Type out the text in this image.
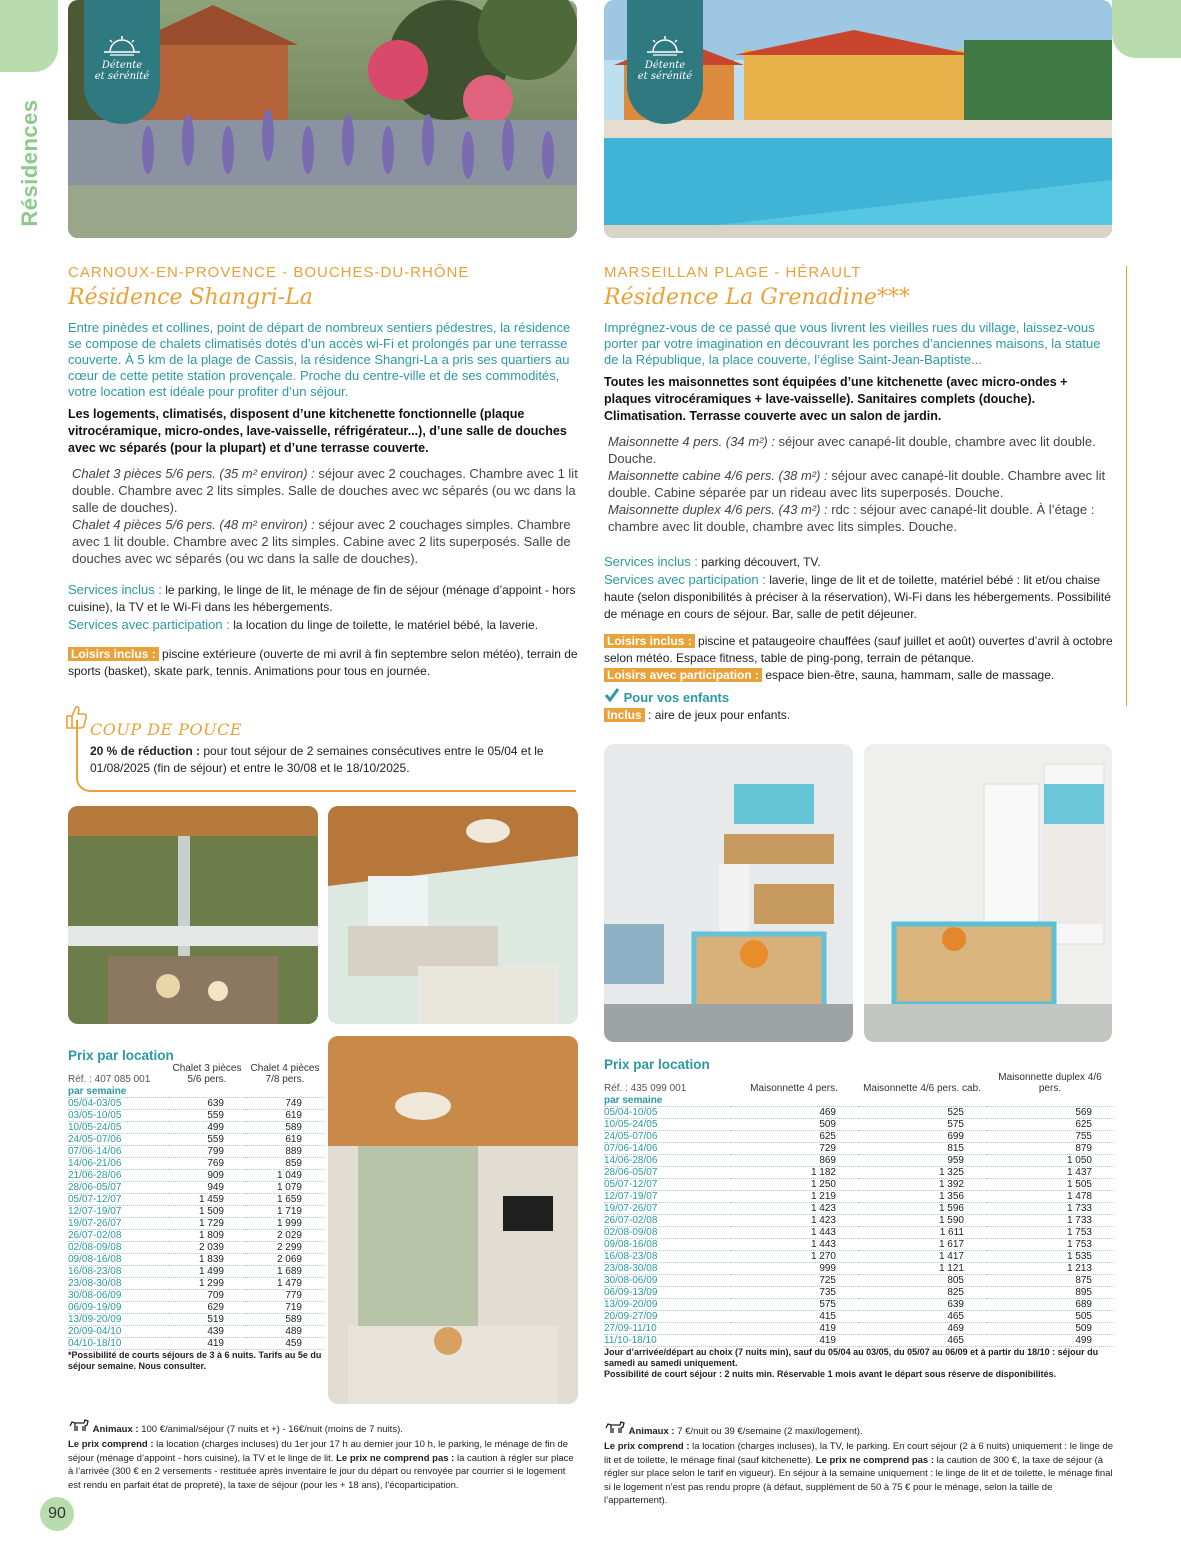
Résidences
Détente
et sérénité
Détente
et sérénité
CARNOUX-EN-PROVENCE - BOUCHES-DU-RHÔNE
Résidence Shangri-La
Entre pinèdes et collines, point de départ de nombreux sentiers pédestres, la résidence se compose de chalets climatisés dotés d’un accès wi-Fi et prolongés par une terrasse couverte. À 5 km de la plage de Cassis, la résidence Shangri-La a pris ses quartiers au cœur de cette petite station provençale. Proche du centre-ville et de ses commodités, votre location est idéale pour profiter d’un séjour.
Les logements, climatisés, disposent d’une kitchenette fonctionnelle (plaque vitrocéramique, micro-ondes, lave-vaisselle, réfrigérateur...), d’une salle de douches avec wc séparés (pour la plupart) et d’une terrasse couverte.
Chalet 3 pièces 5/6 pers. (35 m² environ) : séjour avec 2 couchages. Chambre avec 1 lit double. Chambre avec 2 lits simples. Salle de douches avec wc séparés (ou wc dans la salle de douches).
Chalet 4 pièces 5/6 pers. (48 m² environ) : séjour avec 2 couchages simples. Chambre avec 1 lit double. Chambre avec 2 lits simples. Cabine avec 2 lits superposés. Salle de douches avec wc séparés (ou wc dans la salle de douches).
Services inclus : le parking, le linge de lit, le ménage de fin de séjour (ménage d’appoint - hors cuisine), la TV et le Wi-Fi dans les hébergements.
Services avec participation : la location du linge de toilette, le matériel bébé, la laverie.
Loisirs inclus : piscine extérieure (ouverte de mi avril à fin septembre selon météo), terrain de sports (basket), skate park, tennis. Animations pour tous en journée.
COUP DE POUCE
20 % de réduction : pour tout séjour de 2 semaines consécutives entre le 05/04 et le 01/08/2025 (fin de séjour) et entre le 30/08 et le 18/10/2025.
Prix par location
Réf. : 407 085 001	Chalet 3 pièces 5/6 pers.	Chalet 4 pièces 7/8 pers.
par semaine		
05/04-03/05	639	749
03/05-10/05	559	619
10/05-24/05	499	589
24/05-07/06	559	619
07/06-14/06	799	889
14/06-21/06	769	859
21/06-28/06	909	1 049
28/06-05/07	949	1 079
05/07-12/07	1 459	1 659
12/07-19/07	1 509	1 719
19/07-26/07	1 729	1 999
26/07-02/08	1 809	2 029
02/08-09/08	2 039	2 299
09/08-16/08	1 839	2 069
16/08-23/08	1 499	1 689
23/08-30/08	1 299	1 479
30/08-06/09	709	779
06/09-19/09	629	719
13/09-20/09	519	589
20/09-04/10	439	489
04/10-18/10	419	459
*Possibilité de courts séjours de 3 à 6 nuits. Tarifs au 5e du séjour semaine. Nous consulter.
Animaux : 100 €/animal/séjour (7 nuits et +) - 16€/nuit (moins de 7 nuits).
Le prix comprend : la location (charges incluses) du 1er jour 17 h au dernier jour 10 h, le parking, le ménage de fin de séjour (ménage d’appoint - hors cuisine), la TV et le linge de lit. Le prix ne comprend pas : la caution à régler sur place à l’arrivée (300 € en 2 versements - restituée après inventaire le jour du départ ou renvoyée par courrier si le logement est rendu en parfait état de propreté), la taxe de séjour (pour les + 18 ans), l’écoparticipation.
MARSEILLAN PLAGE - HÉRAULT
Résidence La Grenadine***
Imprégnez-vous de ce passé que vous livrent les vieilles rues du village, laissez-vous porter par votre imagination en découvrant les porches d’anciennes maisons, la statue de la République, la place couverte, l’église Saint-Jean-Baptiste...
Toutes les maisonnettes sont équipées d’une kitchenette (avec micro-ondes + plaques vitrocéramiques + lave-vaisselle). Sanitaires complets (douche). Climatisation. Terrasse couverte avec un salon de jardin.
Maisonnette 4 pers. (34 m²) : séjour avec canapé-lit double, chambre avec lit double. Douche.
Maisonnette cabine 4/6 pers. (38 m²) : séjour avec canapé-lit double. Chambre avec lit double. Cabine séparée par un rideau avec lits superposés. Douche.
Maisonnette duplex 4/6 pers. (43 m²) : rdc : séjour avec canapé-lit double. À l’étage : chambre avec lit double, chambre avec lits simples. Douche.
Services inclus : parking découvert, TV.
Services avec participation : laverie, linge de lit et de toilette, matériel bébé : lit et/ou chaise haute (selon disponibilités à préciser à la réservation), Wi-Fi dans les hébergements. Possibilité de ménage en cours de séjour. Bar, salle de petit déjeuner.
Loisirs inclus : piscine et pataugeoire chauffées (sauf juillet et août) ouvertes d’avril à octobre selon météo. Espace fitness, table de ping-pong, terrain de pétanque.
Loisirs avec participation : espace bien-être, sauna, hammam, salle de massage.
Pour vos enfants
Inclus : aire de jeux pour enfants.
Prix par location
Réf. : 435 099 001	Maisonnette 4 pers.	Maisonnette 4/6 pers. cab.	Maisonnette duplex 4/6 pers.
par semaine			
05/04-10/05	469	525	569
10/05-24/05	509	575	625
24/05-07/06	625	699	755
07/06-14/06	729	815	879
14/06-28/06	869	959	1 050
28/06-05/07	1 182	1 325	1 437
05/07-12/07	1 250	1 392	1 505
12/07-19/07	1 219	1 356	1 478
19/07-26/07	1 423	1 596	1 733
26/07-02/08	1 423	1 590	1 733
02/08-09/08	1 443	1 611	1 753
09/08-16/08	1 443	1 617	1 753
16/08-23/08	1 270	1 417	1 535
23/08-30/08	999	1 121	1 213
30/08-06/09	725	805	875
06/09-13/09	735	825	895
13/09-20/09	575	639	689
20/09-27/09	415	465	505
27/09-11/10	419	469	509
11/10-18/10	419	465	499
Jour d’arrivée/départ au choix (7 nuits min), sauf du 05/04 au 03/05, du 05/07 au 06/09 et à partir du 18/10 : séjour du samedi au samedi uniquement.
Possibilité de court séjour : 2 nuits min. Réservable 1 mois avant le départ sous réserve de disponibilités.
Animaux : 7 €/nuit ou 39 €/semaine (2 maxi/logement).
Le prix comprend : la location (charges incluses), la TV, le parking. En court séjour (2 à 6 nuits) uniquement : le linge de lit et de toilette, le ménage final (sauf kitchenette). Le prix ne comprend pas : la caution de 300 €, la taxe de séjour (à régler sur place selon le tarif en vigueur). En séjour à la semaine uniquement : le linge de lit et de toilette, le ménage final si le logement n’est pas rendu propre (à défaut, supplément de 50 à 75 € pour le ménage, selon la taille de l’appartement).
90
